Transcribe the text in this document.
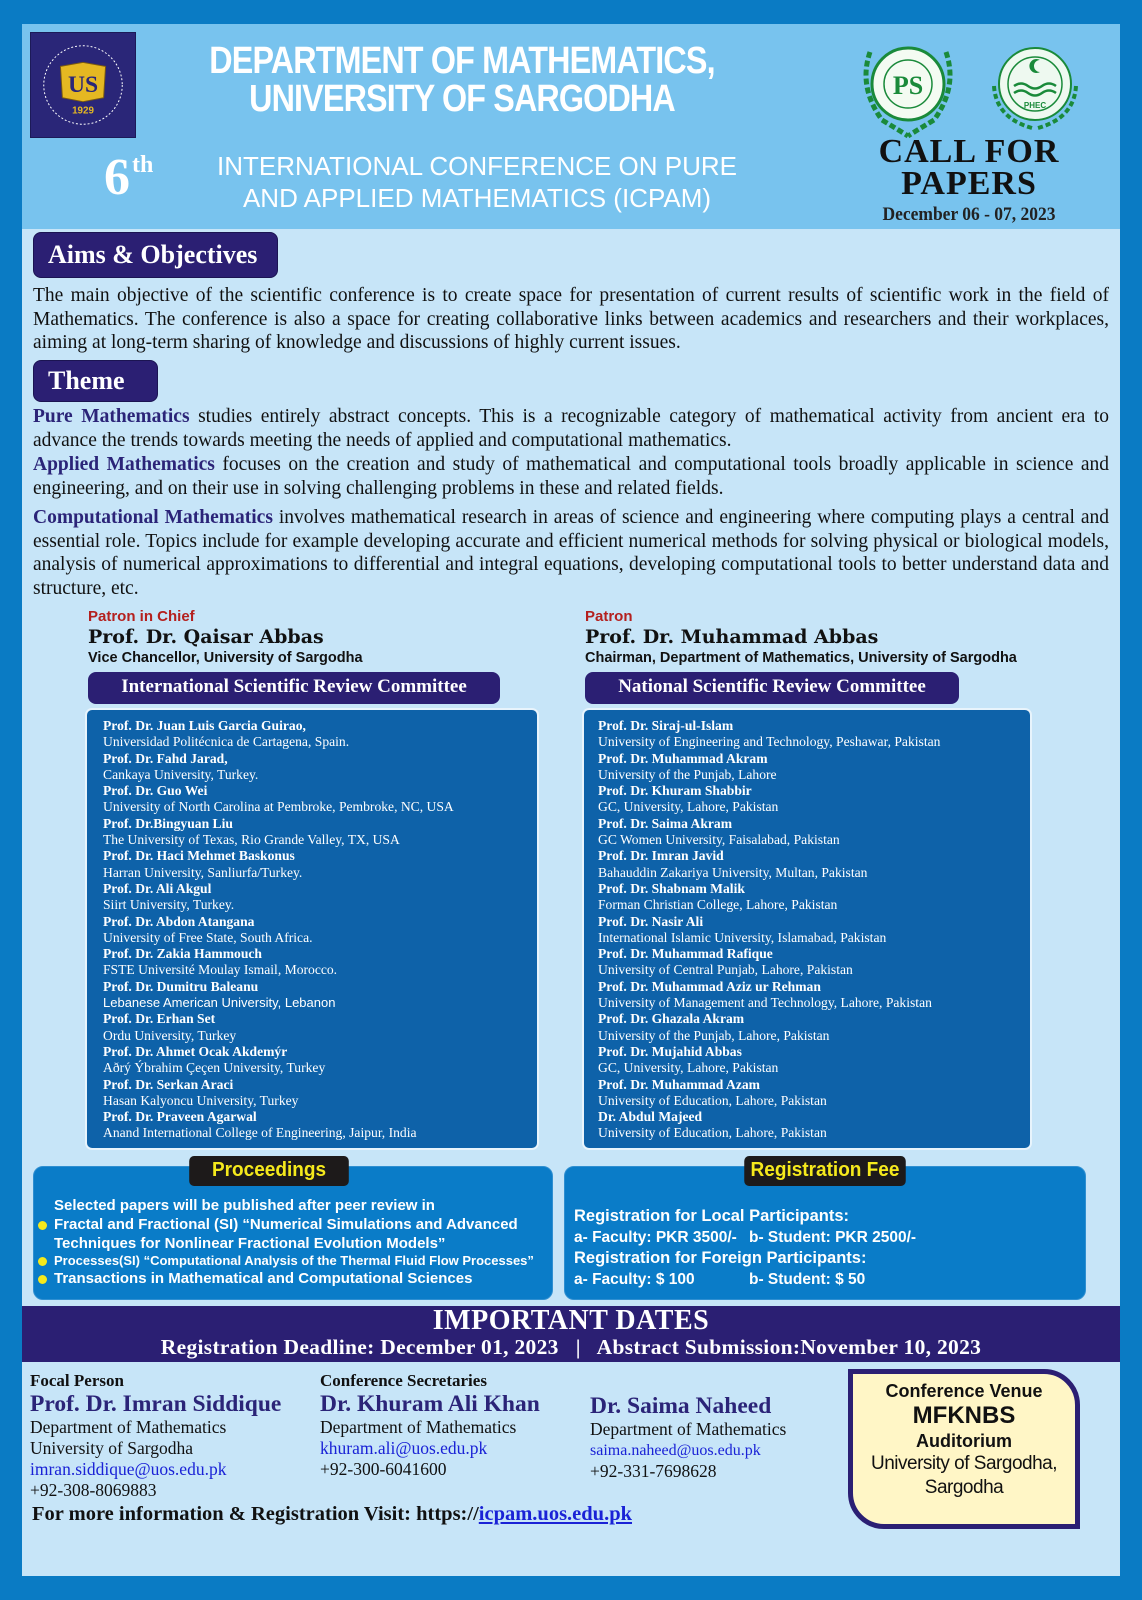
US
1929
DEPARTMENT OF MATHEMATICS,
UNIVERSITY OF SARGODHA
6th	INTERNATIONAL CONFERENCE ON PURE
AND APPLIED MATHEMATICS (ICPAM)
PS
PHEC
CALL FOR
PAPERS
December 06 - 07, 2023
Aims & Objectives

The main objective of the scientific conference is to create space for presentation of current results of scientific work in the field of Mathematics. The conference is also a space for creating collaborative links between academics and researchers and their workplaces, aiming at long-term sharing of knowledge and discussions of highly current issues.

Theme

Pure Mathematics studies entirely abstract concepts. This is a recognizable category of mathematical activity from ancient era to advance the trends towards meeting the needs of applied and computational mathematics.

Applied Mathematics focuses on the creation and study of mathematical and computational tools broadly applicable in science and engineering, and on their use in solving challenging problems in these and related fields.

Computational Mathematics involves mathematical research in areas of science and engineering where computing plays a central and essential role. Topics include for example developing accurate and efficient numerical methods for solving physical or biological models, analysis of numerical approximations to differential and integral equations, developing computational tools to better understand data and structure, etc.

Patron in Chief
Prof. Dr. Qaisar Abbas
Vice Chancellor, University of Sargodha
Patron
Prof. Dr. Muhammad Abbas
Chairman, Department of Mathematics, University of Sargodha
International Scientific Review Committee	National Scientific Review Committee
Prof. Dr. Juan Luis Garcia Guirao,
Universidad Politécnica de Cartagena, Spain.
Prof. Dr. Fahd Jarad,
Cankaya University, Turkey.
Prof. Dr. Guo Wei
University of North Carolina at Pembroke, Pembroke, NC, USA
Prof. Dr.Bingyuan Liu
The University of Texas, Rio Grande Valley, TX, USA
Prof. Dr. Haci Mehmet Baskonus
Harran University, Sanliurfa/Turkey.
Prof. Dr. Ali Akgul
Siirt University, Turkey.
Prof. Dr. Abdon Atangana
University of Free State, South Africa.
Prof. Dr. Zakia Hammouch
FSTE Université Moulay Ismail, Morocco.
Prof. Dr. Dumitru Baleanu
Lebanese American University, Lebanon
Prof. Dr. Erhan Set
Ordu University, Turkey
Prof. Dr. Ahmet Ocak Akdemýr
Aðrý Ýbrahim Çeçen University, Turkey
Prof. Dr. Serkan Araci
Hasan Kalyoncu University, Turkey
Prof. Dr. Praveen Agarwal
Anand International College of Engineering, Jaipur, India
Prof. Dr. Siraj-ul-Islam
University of Engineering and Technology, Peshawar, Pakistan
Prof. Dr. Muhammad Akram
University of the Punjab, Lahore
Prof. Dr. Khuram Shabbir
GC, University, Lahore, Pakistan
Prof. Dr. Saima Akram
GC Women University, Faisalabad, Pakistan
Prof. Dr. Imran Javid
Bahauddin Zakariya University, Multan, Pakistan
Prof. Dr. Shabnam Malik
Forman Christian College, Lahore, Pakistan
Prof. Dr. Nasir Ali
International Islamic University, Islamabad, Pakistan
Prof. Dr. Muhammad Rafique
University of Central Punjab, Lahore, Pakistan
Prof. Dr. Muhammad Aziz ur Rehman
University of Management and Technology, Lahore, Pakistan
Prof. Dr. Ghazala Akram
University of the Punjab, Lahore, Pakistan
Prof. Dr. Mujahid Abbas
GC, University, Lahore, Pakistan
Prof. Dr. Muhammad Azam
University of Education, Lahore, Pakistan
Dr. Abdul Majeed
University of Education, Lahore, Pakistan
Proceedings
Selected papers will be published after peer review in
Fractal and Fractional (SI) “Numerical Simulations and Advanced Techniques for Nonlinear Fractional Evolution Models”
Processes(SI) “Computational Analysis of the Thermal Fluid Flow Processes”
Transactions in Mathematical and Computational Sciences
Registration Fee
Registration for Local Participants:
a- Faculty: PKR 3500/- b- Student: PKR 2500/-
Registration for Foreign Participants:
a- Faculty: $ 100	b- Student: $ 50
IMPORTANT DATES
Registration Deadline: December 01, 2023 | Abstract Submission:November 10, 2023
Focal Person
Prof. Dr. Imran Siddique
Department of Mathematics
University of Sargodha
imran.siddique@uos.edu.pk
+92-308-8069883
Conference Secretaries
Dr. Khuram Ali Khan
Department of Mathematics
khuram.ali@uos.edu.pk
+92-300-6041600
Dr. Saima Naheed
Department of Mathematics
saima.naheed@uos.edu.pk
+92-331-7698628
For more information & Registration Visit: https://icpam.uos.edu.pk
Conference Venue
MFKNBS
Auditorium
University of Sargodha,
Sargodha
